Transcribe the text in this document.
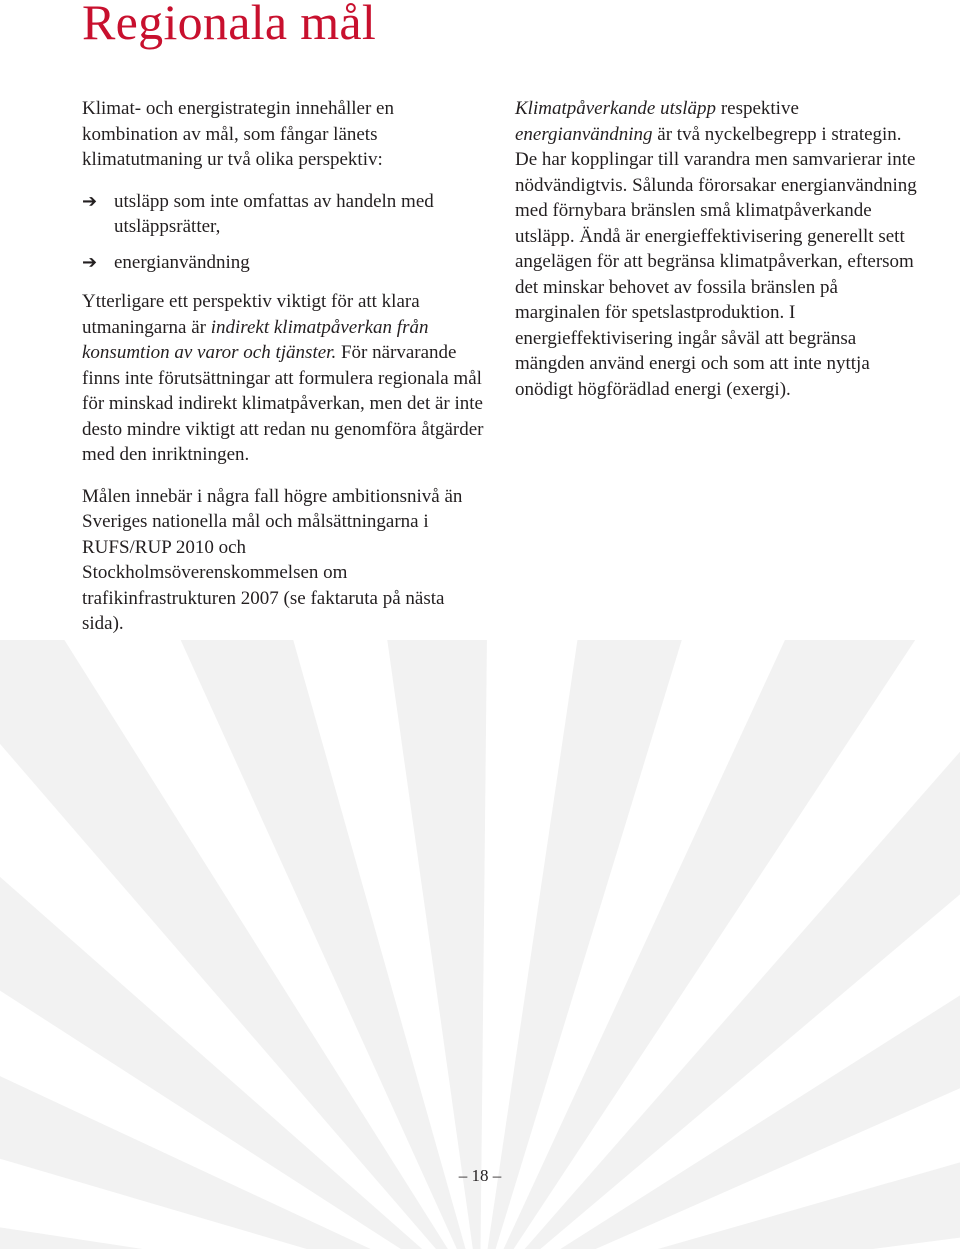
Regionala mål

Klimat- och energistrategin innehåller en kombination av mål, som fångar länets klimatutmaning ur två olika perspektiv:

➔ utsläpp som inte omfattas av handeln med utsläppsrätter,
➔ energianvändning

Ytterligare ett perspektiv viktigt för att klara utmaningarna är indirekt klimatpåverkan från konsumtion av varor och tjänster. För närvarande finns inte förutsättningar att formulera regionala mål för minskad indirekt klimatpåverkan, men det är inte desto mindre viktigt att redan nu genomföra åtgärder med den inriktningen.

Målen innebär i några fall högre ambitionsnivå än Sveriges nationella mål och målsättningarna i RUFS/RUP 2010 och Stockholmsöverenskommelsen om trafikinfrastrukturen 2007 (se faktaruta på nästa sida).

Klimatpåverkande utsläpp respektive energianvändning är två nyckelbegrepp i strategin. De har kopplingar till varandra men samvarierar inte nödvändigtvis. Sålunda förorsakar energianvändning med förnybara bränslen små klimatpåverkande utsläpp. Ändå är energieffektivisering generellt sett angelägen för att begränsa klimatpåverkan, eftersom det minskar behovet av fossila bränslen på marginalen för spetslastproduktion. I energieffektivisering ingår såväl att begränsa mängden använd energi och som att inte nyttja onödigt högförädlad energi (exergi).

– 18 –
